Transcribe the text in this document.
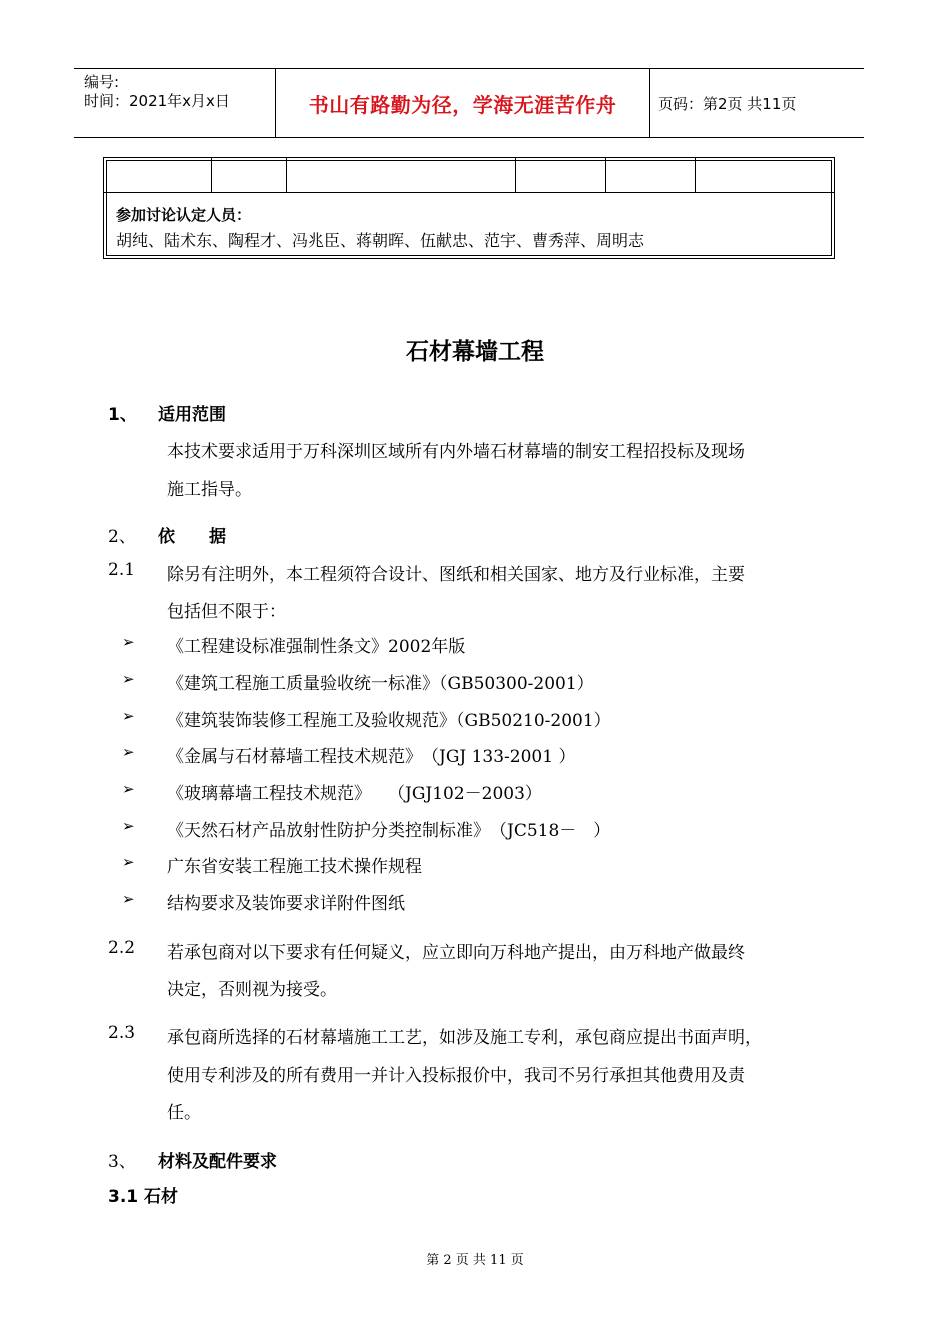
编号:
时间：2021年x月x日	书山有路勤为径，学海无涯苦作舟	页码：第2页 共11页
参加讨论认定人员：
胡纯、陆术东、陶程才、冯兆臣、蒋朝晖、伍献忠、范宇、曹秀萍、周明志
石材幕墙工程
1、 适用范围
本技术要求适用于万科深圳区域所有内外墙石材幕墙的制安工程招投标及现场
施工指导。
2、 依　　据
2.1 除另有注明外，本工程须符合设计、图纸和相关国家、地方及行业标准，主要
包括但不限于：
➢ 《工程建设标准强制性条文》2002年版
➢ 《建筑工程施工质量验收统一标准》（GB50300-2001）
➢ 《建筑装饰装修工程施工及验收规范》（GB50210-2001）
➢ 《金属与石材幕墙工程技术规范》　（JGJ 133-2001 ）
➢ 《玻璃幕墙工程技术规范》　　（JGJ102－2003）
➢ 《天然石材产品放射性防护分类控制标准》　（JC518－　）
➢ 广东省安装工程施工技术操作规程
➢ 结构要求及装饰要求详附件图纸
2.2 若承包商对以下要求有任何疑义，应立即向万科地产提出，由万科地产做最终
决定，否则视为接受。
2.3 承包商所选择的石材幕墙施工工艺，如涉及施工专利，承包商应提出书面声明，
使用专利涉及的所有费用一并计入投标报价中，我司不另行承担其他费用及责
任。
3、 材料及配件要求
3.1 石材
第 2 页 共 11 页
